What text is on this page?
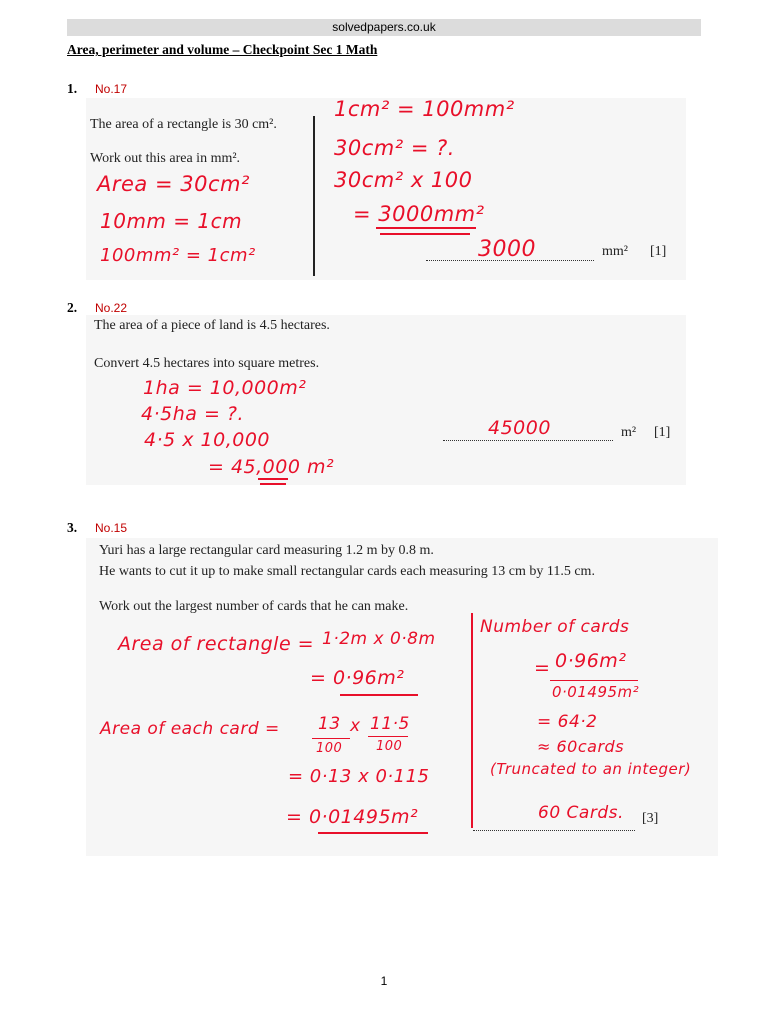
solvedpapers.co.uk
Area, perimeter and volume – Checkpoint Sec 1 Math
1. No.17
The area of a rectangle is 30 cm².
Work out this area in mm².
Area = 30cm²
10mm = 1cm
100mm² = 1cm²
1cm² = 100mm²
30cm² = ?.
30cm² x 100
= 3000mm²
3000	mm² [1]
2. No.22
The area of a piece of land is 4.5 hectares.
Convert 4.5 hectares into square metres.
1ha = 10,000m²
4·5ha = ?.
4·5 x 10,000
= 45,000 m²
45000	m² [1]
3. No.15
Yuri has a large rectangular card measuring 1.2 m by 0.8 m.
He wants to cut it up to make small rectangular cards each measuring 13 cm by 11.5 cm.
Work out the largest number of cards that he can make.
Area of rectangle = 1·2m x 0·8m
= 0·96m²
Area of each card = 13 x 11·5
100	100
= 0·13 x 0·115
= 0·01495m²
Number of cards
= 0·96m²
0·01495m²
= 64·2
≈ 60cards
(Truncated to an integer)
60 Cards. [3]
1
